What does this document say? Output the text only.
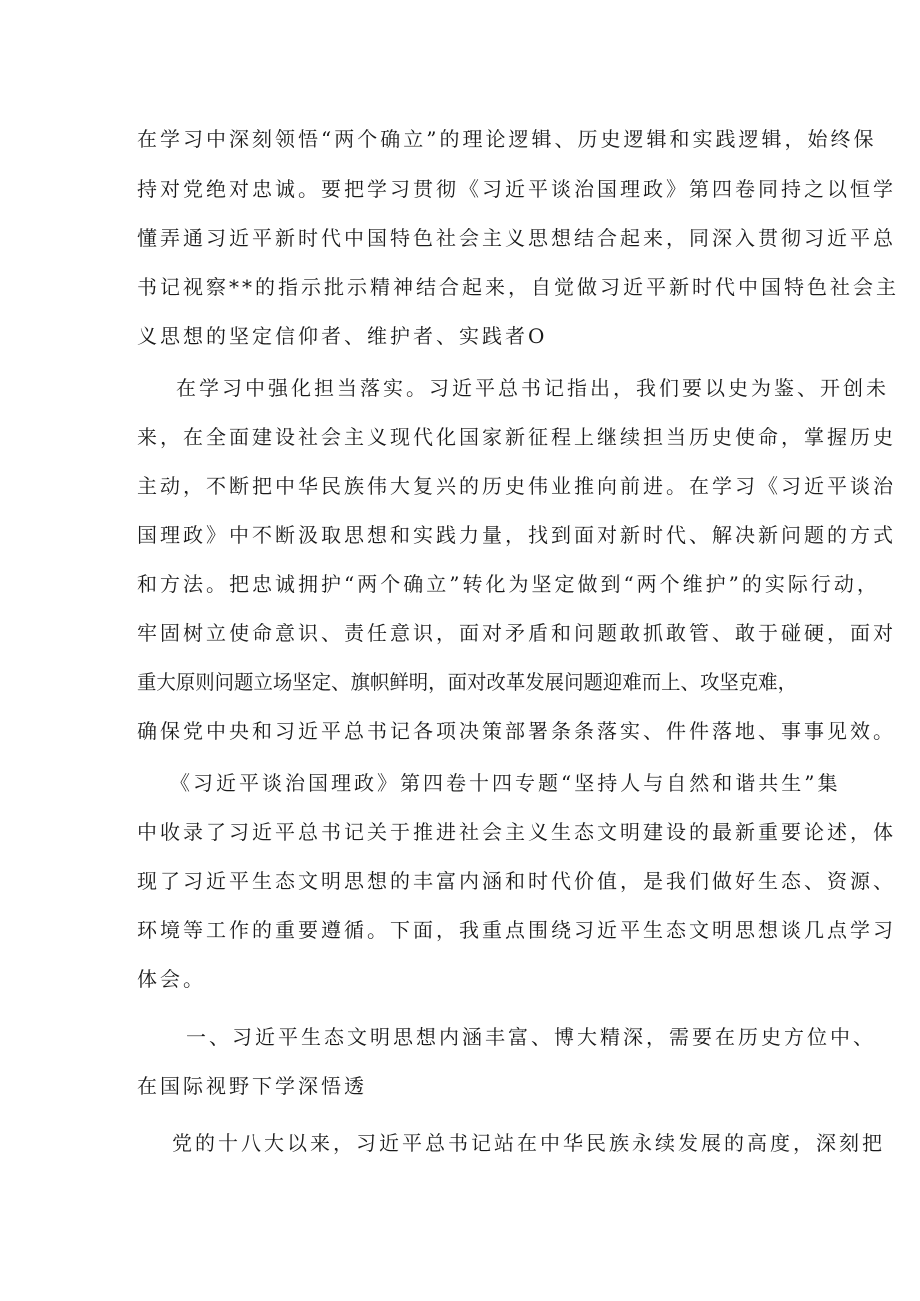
在学习中深刻领悟“两个确立”的理论逻辑、历史逻辑和实践逻辑，始终保
持对党绝对忠诚。要把学习贯彻《习近平谈治国理政》第四卷同持之以恒学
懂弄通习近平新时代中国特色社会主义思想结合起来，同深入贯彻习近平总
书记视察**的指示批示精神结合起来，自觉做习近平新时代中国特色社会主
义思想的坚定信仰者、维护者、实践者O
在学习中强化担当落实。习近平总书记指出，我们要以史为鉴、开创未
来，在全面建设社会主义现代化国家新征程上继续担当历史使命，掌握历史
主动，不断把中华民族伟大复兴的历史伟业推向前进。在学习《习近平谈治
国理政》中不断汲取思想和实践力量，找到面对新时代、解决新问题的方式
和方法。把忠诚拥护“两个确立”转化为坚定做到“两个维护”的实际行动，
牢固树立使命意识、责任意识，面对矛盾和问题敢抓敢管、敢于碰硬，面对
重大原则问题立场坚定、旗帜鲜明，面对改革发展问题迎难而上、攻坚克难，
确保党中央和习近平总书记各项决策部署条条落实、件件落地、事事见效。
《习近平谈治国理政》第四卷十四专题“坚持人与自然和谐共生”集
中收录了习近平总书记关于推进社会主义生态文明建设的最新重要论述，体
现了习近平生态文明思想的丰富内涵和时代价值，是我们做好生态、资源、
环境等工作的重要遵循。下面，我重点围绕习近平生态文明思想谈几点学习
体会。
一、习近平生态文明思想内涵丰富、博大精深，需要在历史方位中、
在国际视野下学深悟透
党的十八大以来，习近平总书记站在中华民族永续发展的高度，深刻把
